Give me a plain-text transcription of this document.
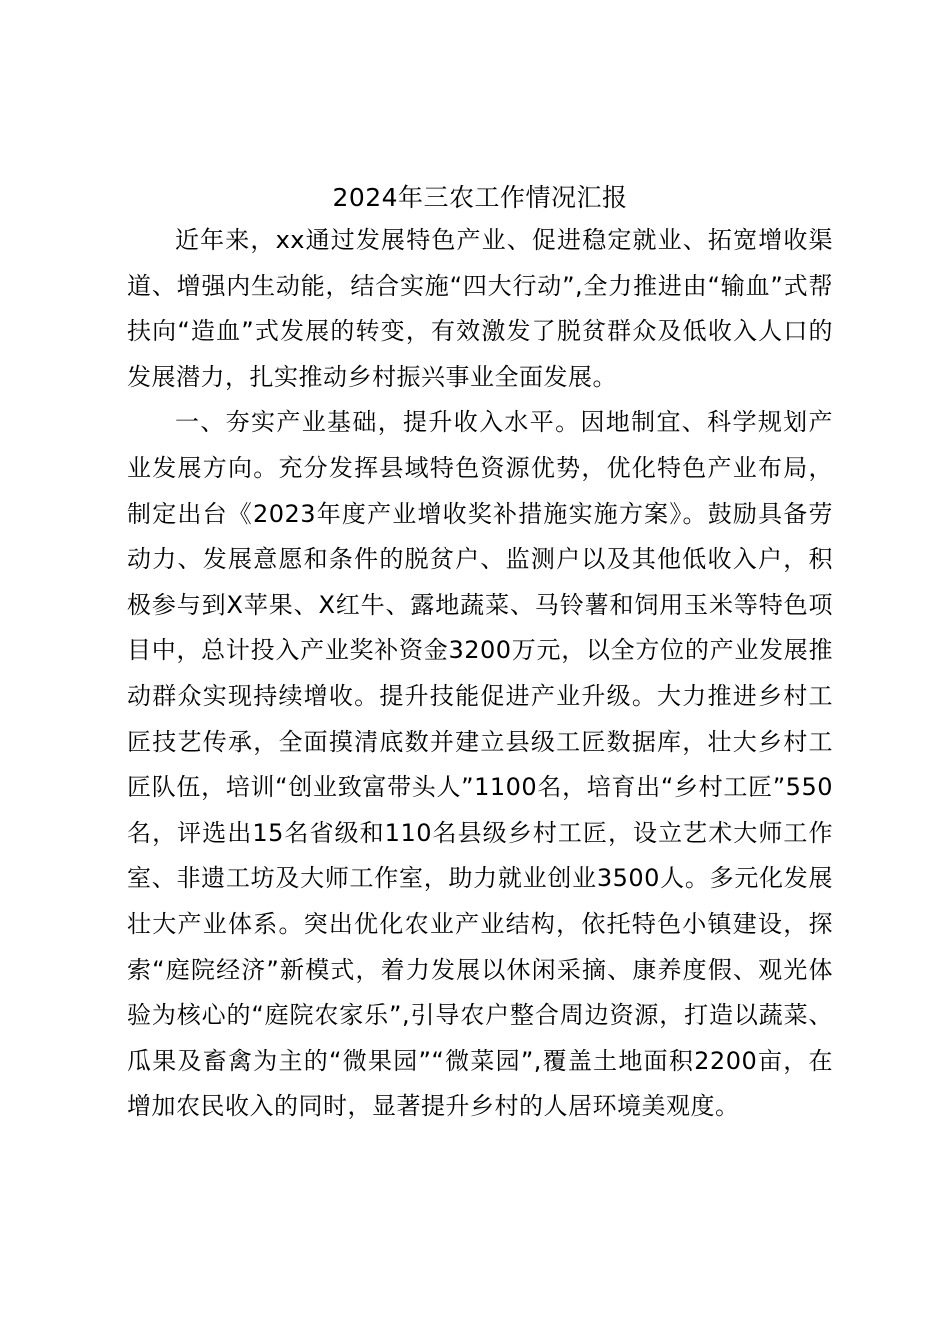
2024年三农工作情况汇报

近年来，xx通过发展特色产业、促进稳定就业、拓宽增收渠道、增强内生动能，结合实施“四大行动”,全力推进由“输血”式帮扶向“造血”式发展的转变，有效激发了脱贫群众及低收入人口的发展潜力，扎实推动乡村振兴事业全面发展。

一、夯实产业基础，提升收入水平。因地制宜、科学规划产业发展方向。充分发挥县域特色资源优势，优化特色产业布局，制定出台《2023年度产业增收奖补措施实施方案》。鼓励具备劳动力、发展意愿和条件的脱贫户、监测户以及其他低收入户，积极参与到X苹果、X红牛、露地蔬菜、马铃薯和饲用玉米等特色项目中，总计投入产业奖补资金3200万元，以全方位的产业发展推动群众实现持续增收。提升技能促进产业升级。大力推进乡村工匠技艺传承，全面摸清底数并建立县级工匠数据库，壮大乡村工匠队伍，培训“创业致富带头人”1100名，培育出“乡村工匠”550名，评选出15名省级和110名县级乡村工匠，设立艺术大师工作室、非遗工坊及大师工作室，助力就业创业3500人。多元化发展壮大产业体系。突出优化农业产业结构，依托特色小镇建设，探索“庭院经济”新模式，着力发展以休闲采摘、康养度假、观光体验为核心的“庭院农家乐”,引导农户整合周边资源，打造以蔬菜、瓜果及畜禽为主的“微果园”“微菜园”,覆盖土地面积2200亩，在增加农民收入的同时，显著提升乡村的人居环境美观度。
